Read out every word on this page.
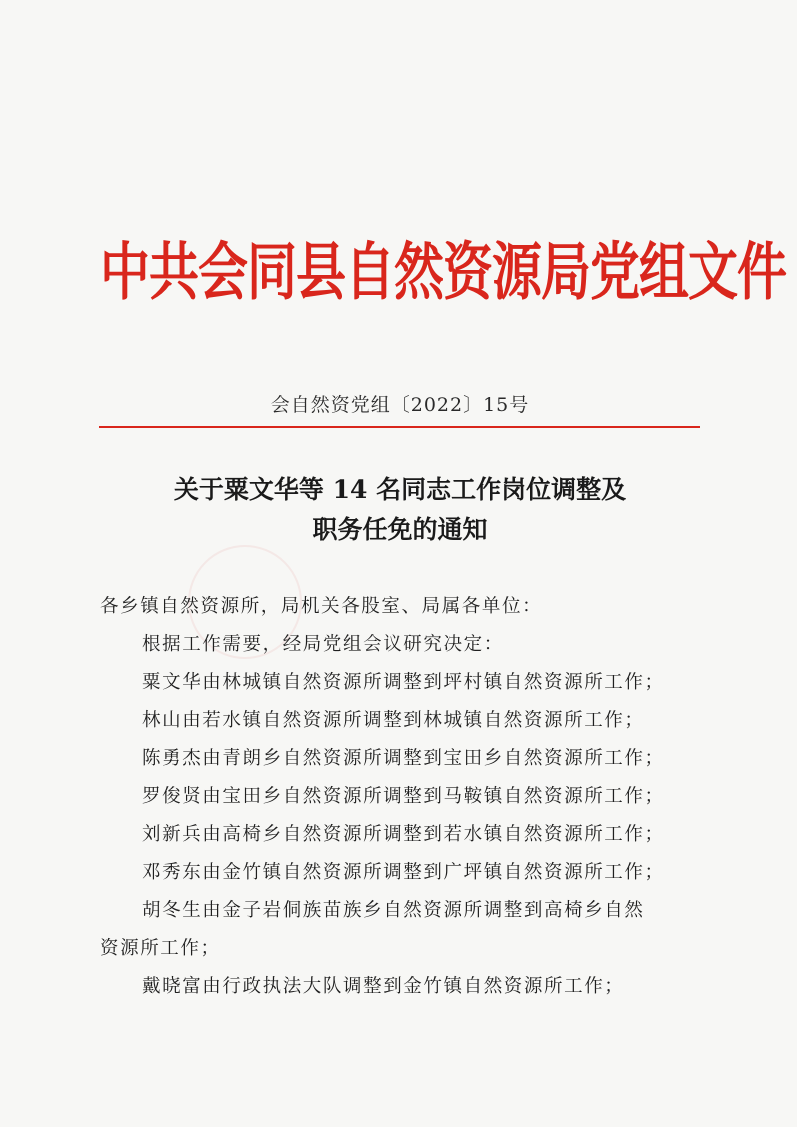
中共会同县自然资源局党组文件
会自然资党组〔2022〕15号
关于粟文华等 14 名同志工作岗位调整及
职务任免的通知
各乡镇自然资源所，局机关各股室、局属各单位：
根据工作需要，经局党组会议研究决定：
粟文华由林城镇自然资源所调整到坪村镇自然资源所工作；
林山由若水镇自然资源所调整到林城镇自然资源所工作；
陈勇杰由青朗乡自然资源所调整到宝田乡自然资源所工作；
罗俊贤由宝田乡自然资源所调整到马鞍镇自然资源所工作；
刘新兵由高椅乡自然资源所调整到若水镇自然资源所工作；
邓秀东由金竹镇自然资源所调整到广坪镇自然资源所工作；
胡冬生由金子岩侗族苗族乡自然资源所调整到高椅乡自然
资源所工作；
戴晓富由行政执法大队调整到金竹镇自然资源所工作；
